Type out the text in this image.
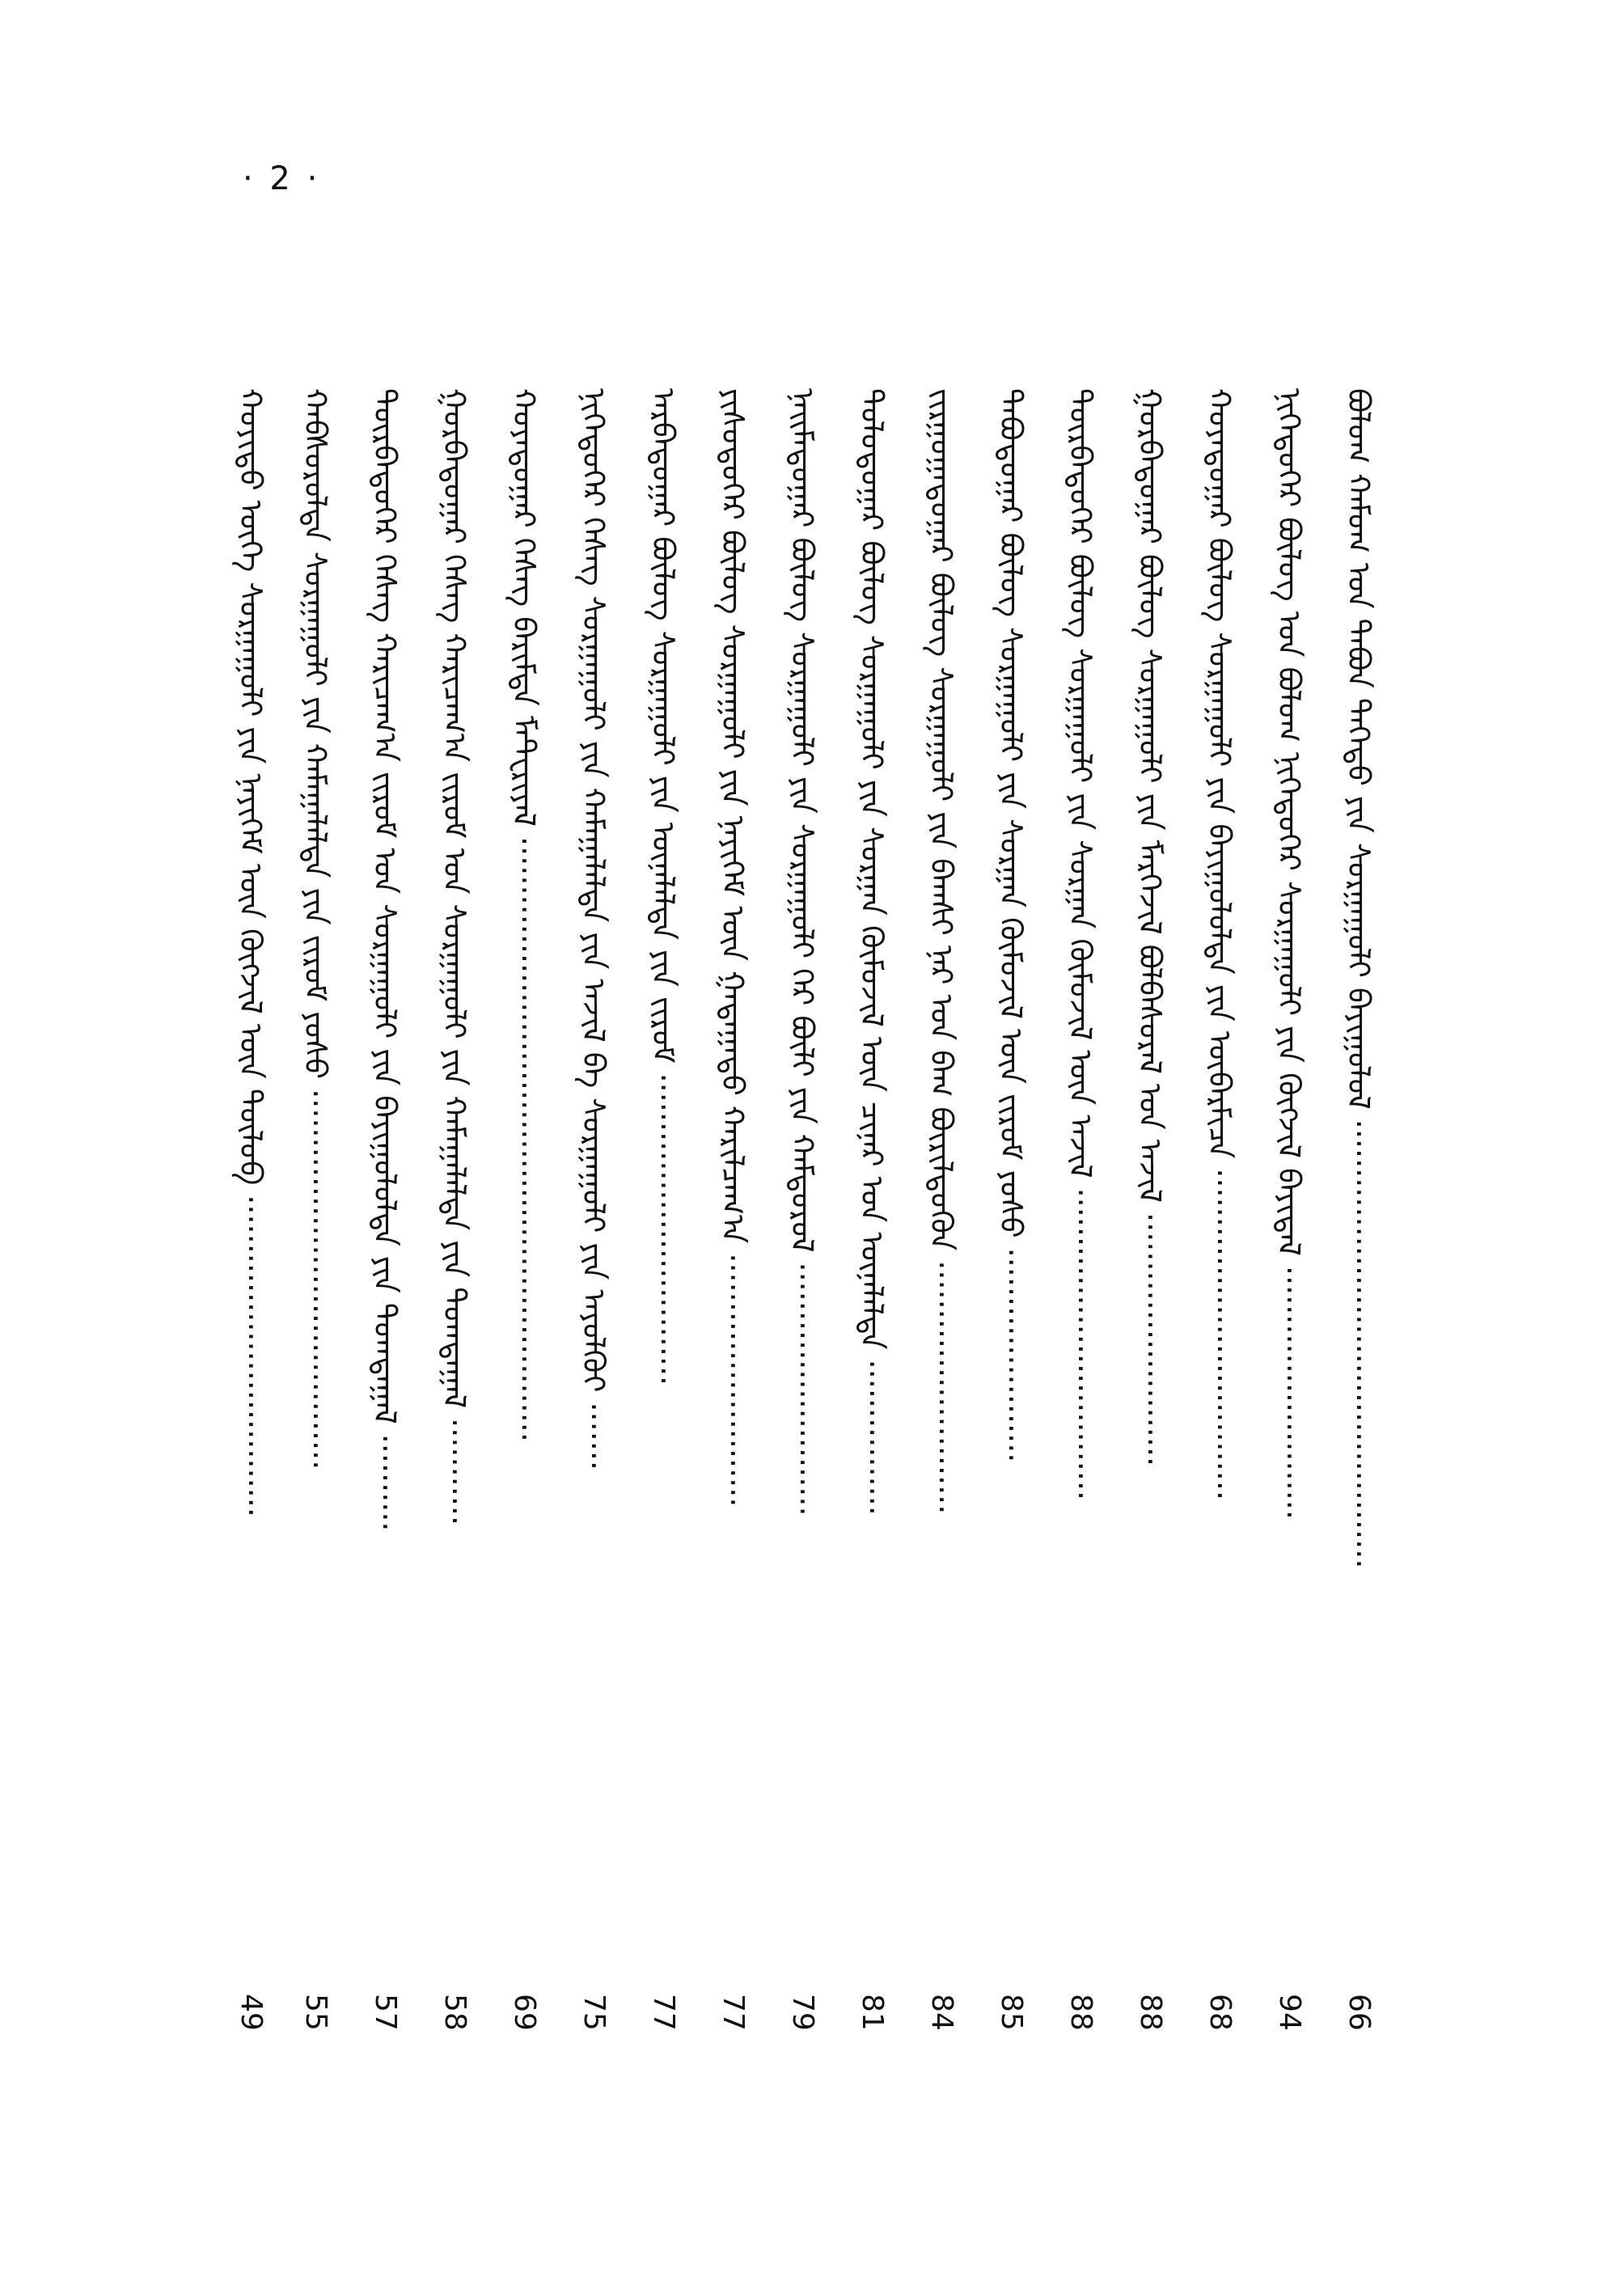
· 2 ·
ᠪᠣᠯᠣᠭ ᠬᠠᠮᠤᠭ ᠤᠨ ᠲᠠᠪᠤᠨ ᠳᠡᠭᠡᠳᠦ ᠶᠢᠨ ᠰᠤᠷᠭᠠᠭᠤᠯᠢ ᠪᠠᠶᠢᠭᠤᠯᠤᠯ ··············································
66
ᠨᠢᠭᠡᠳᠦᠭᠡᠷ ᠪᠦᠯᠦᠭ ᠤᠨ ᠪᠣᠯᠣᠭ ᠨᠢᠭᠡᠳᠦᠭᠡᠷ ᠰᠤᠷᠭᠠᠭᠤᠯᠢ ᠶᠢᠨ ᠬᠥᠭᠵᠢᠯ ᠪᠠᠶᠢᠳᠠᠯ ··························
94
ᠬᠣᠶᠠᠳᠤᠭᠠᠷ ᠪᠦᠯᠦᠭ ᠰᠤᠷᠭᠠᠭᠤᠯᠢ ᠶᠢᠨ ᠪᠠᠶᠢᠭᠤᠯᠤᠯᠲᠠ ᠶᠢᠨ ᠥᠪᠡᠷᠮᠢᠴᠡ ··································
68
ᠭᠤᠷᠪᠠᠳᠤᠭᠠᠷ ᠪᠦᠯᠦᠭ ᠰᠤᠷᠭᠠᠭᠤᠯᠢ ᠶᠢᠨ ᠮᠡᠷᠭᠡᠵᠢᠯ ᠪᠣᠯᠪᠠᠰᠤᠷᠠᠯ ᠤᠨ ᠠᠵᠢᠯ ··························
88
ᠳᠥᠷᠪᠡᠳᠦᠭᠡᠷ ᠪᠦᠯᠦᠭ ᠰᠤᠷᠭᠠᠭᠤᠯᠢ ᠶᠢᠨ ᠰᠤᠷᠭᠠᠨ ᠬᠥᠮᠦᠵᠢᠯ ᠦᠨ ᠠᠵᠢᠯ ································
88
ᠲᠠᠪᠤᠳᠤᠭᠠᠷ ᠪᠦᠯᠦᠭ ᠰᠤᠷᠭᠠᠭᠤᠯᠢ ᠶᠢᠨ ᠰᠤᠷᠭᠠᠨ ᠬᠥᠮᠦᠵᠢᠯ ᠦᠨ ᠵᠢᠷᠤᠮ ᠶᠣᠰᠣ ······················
85
ᠵᠢᠷᠭᠤᠭᠠᠳᠤᠭᠠᠷ ᠪᠦᠯᠦᠭ ᠰᠤᠷᠭᠠᠭᠤᠯᠢ ᠶᠢᠨ ᠪᠠᠭᠰᠢ ᠨᠠᠷ ᠤᠨ ᠪᠠᠭ ᠪᠦᠷᠢᠯᠳᠦᠬᠦᠨ ··························
84
ᠳᠣᠯᠣᠳᠤᠭᠠᠷ ᠪᠦᠯᠦᠭ ᠰᠤᠷᠭᠠᠭᠤᠯᠢ ᠶᠢᠨ ᠰᠤᠷᠭᠠᠨ ᠬᠥᠮᠦᠵᠢᠯ ᠦᠨ ᠴᠢᠨᠠᠷ ᠤᠨ ᠦᠨᠡᠯᠡᠯᠲᠡ ················
81
ᠨᠠᠢᠮᠠᠳᠤᠭᠠᠷ ᠪᠦᠯᠦᠭ ᠰᠤᠷᠭᠠᠭᠤᠯᠢ ᠶᠢᠨ ᠰᠤᠷᠭᠠᠭᠤᠯᠢ ᠭᠡᠷ ᠪᠦᠯᠢ ᠶᠢᠨ ᠬᠠᠮᠲᠤᠷᠤᠯ ··························
79
ᠶᠢᠰᠦᠳᠦᠭᠡᠷ ᠪᠦᠯᠦᠭ ᠰᠤᠷᠭᠠᠭᠤᠯᠢ ᠶᠢᠨ ᠨᠡᠶᠢᠭᠡᠮ ᠦᠨ ᠭᠠᠳᠠᠭᠠᠳᠤ ᠬᠠᠷᠢᠯᠴᠠᠭ᠎ᠠ ··························
77
ᠠᠷᠪᠠᠳᠤᠭᠠᠷ ᠪᠦᠯᠦᠭ ᠰᠤᠷᠭᠠᠭᠤᠯᠢ ᠶᠢᠨ ᠦᠨᠡᠯᠡᠯᠲᠡ ᠶᠢᠨ ᠵᠢᠷᠤᠮ ································
77
ᠨᠢᠭᠡᠳᠦᠭᠡᠷ ᠬᠡᠰᠡᠭ ᠰᠤᠷᠭᠠᠭᠤᠯᠢ ᠶᠢᠨ ᠬᠠᠮᠠᠭᠠᠯᠠᠯᠲᠠ ᠶᠢᠨ ᠠᠵᠢᠯ ᠪᠠ ᠰᠤᠷᠭᠠᠭᠤᠯᠢ ᠶᠢᠨ ᠠᠶᠤᠯᠭᠦᠢ ·······
75
ᠬᠣᠶᠠᠳᠤᠭᠠᠷ ᠬᠡᠰᠡᠭ ᠪᠠᠷᠢᠮᠲᠠ ᠮᠠᠲ᠋ᠧᠷᠢᠶᠠᠯ ······························································
69
ᠭᠤᠷᠪᠠᠳᠤᠭᠠᠷ ᠬᠡᠰᠡᠭ ᠬᠠᠷᠢᠴᠠᠭ᠎ᠠ ᠵᠢᠷᠤᠮ ᠤᠨ ᠰᠤᠷᠭᠠᠭᠤᠯᠢ ᠶᠢᠨ ᠬᠠᠮᠠᠭᠠᠯᠠᠯᠲᠠ ᠶᠢᠨ ᠲᠣᠭᠲᠠᠭᠠᠯ ···········
58
ᠳᠥᠷᠪᠡᠳᠦᠭᠡᠷ ᠬᠡᠰᠡᠭ ᠬᠠᠷᠢᠴᠠᠭ᠎ᠠ ᠵᠢᠷᠤᠮ ᠤᠨ ᠰᠤᠷᠭᠠᠭᠤᠯᠢ ᠶᠢᠨ ᠪᠠᠶᠢᠭᠤᠯᠤᠯᠲᠠ ᠶᠢᠨ ᠲᠣᠭᠲᠠᠭᠠᠯ ··········
57
ᠬᠠᠪᠰᠤᠷᠤᠯᠲᠠ ᠰᠤᠷᠭᠠᠭᠤᠯᠢ ᠶᠢᠨ ᠬᠠᠮᠠᠭᠠᠯᠠᠯᠲᠠ ᠶᠢᠨ ᠵᠢᠷᠤᠮ ᠶᠣᠰᠣ ·······································
55
ᠬᠣᠶᠢᠲᠤ ᠦᠭᠡ ᠰᠤᠷᠭᠠᠭᠤᠯᠢ ᠶᠢᠨ ᠨᠡᠶᠢᠭᠡᠮ ᠦᠨ ᠬᠥᠭᠵᠢᠯ ᠦᠨ ᠲᠥᠯᠦᠪ ·································
49
